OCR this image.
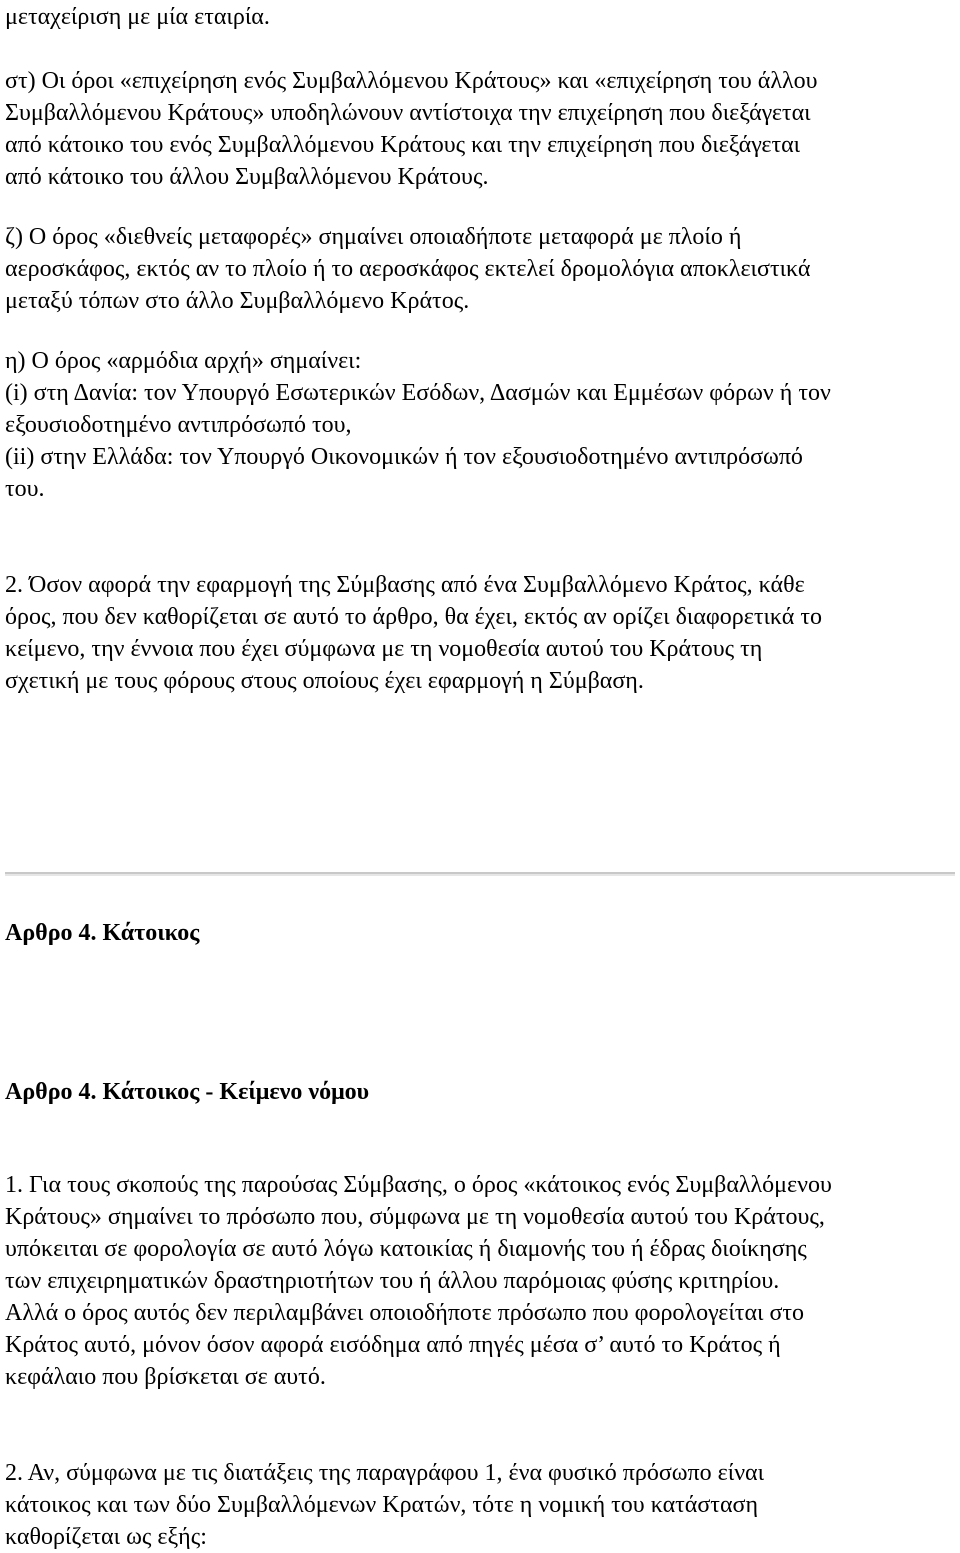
μεταχείριση με μία εταιρία.
στ) Οι όροι «επιχείρηση ενός Συμβαλλόμενου Κράτους» και «επιχείρηση του άλλου
Συμβαλλόμενου Κράτους» υποδηλώνουν αντίστοιχα την επιχείρηση που διεξάγεται
από κάτοικο του ενός Συμβαλλόμενου Κράτους και την επιχείρηση που διεξάγεται
από κάτοικο του άλλου Συμβαλλόμενου Κράτους.
ζ) Ο όρος «διεθνείς μεταφορές» σημαίνει οποιαδήποτε μεταφορά με πλοίο ή
αεροσκάφος, εκτός αν το πλοίο ή το αεροσκάφος εκτελεί δρομολόγια αποκλειστικά
μεταξύ τόπων στο άλλο Συμβαλλόμενο Κράτος.
η) Ο όρος «αρμόδια αρχή» σημαίνει:
(i) στη Δανία: τον Υπουργό Εσωτερικών Εσόδων, Δασμών και Εμμέσων φόρων ή τον
εξουσιοδοτημένο αντιπρόσωπό του,
(ii) στην Ελλάδα: τον Υπουργό Οικονομικών ή τον εξουσιοδοτημένο αντιπρόσωπό
του.
2. Όσον αφορά την εφαρμογή της Σύμβασης από ένα Συμβαλλόμενο Κράτος, κάθε
όρος, που δεν καθορίζεται σε αυτό το άρθρο, θα έχει, εκτός αν ορίζει διαφορετικά το
κείμενο, την έννοια που έχει σύμφωνα με τη νομοθεσία αυτού του Κράτους τη
σχετική με τους φόρους στους οποίους έχει εφαρμογή η Σύμβαση.
Αρθρο 4. Κάτοικος
Αρθρο 4. Κάτοικος - Κείμενο νόμου
1. Για τους σκοπούς της παρούσας Σύμβασης, ο όρος «κάτοικος ενός Συμβαλλόμενου
Κράτους» σημαίνει το πρόσωπο που, σύμφωνα με τη νομοθεσία αυτού του Κράτους,
υπόκειται σε φορολογία σε αυτό λόγω κατοικίας ή διαμονής του ή έδρας διοίκησης
των επιχειρηματικών δραστηριοτήτων του ή άλλου παρόμοιας φύσης κριτηρίου.
Αλλά ο όρος αυτός δεν περιλαμβάνει οποιοδήποτε πρόσωπο που φορολογείται στο
Κράτος αυτό, μόνον όσον αφορά εισόδημα από πηγές μέσα σ’ αυτό το Κράτος ή
κεφάλαιο που βρίσκεται σε αυτό.
2. Αν, σύμφωνα με τις διατάξεις της παραγράφου 1, ένα φυσικό πρόσωπο είναι
κάτοικος και των δύο Συμβαλλόμενων Κρατών, τότε η νομική του κατάσταση
καθορίζεται ως εξής:
